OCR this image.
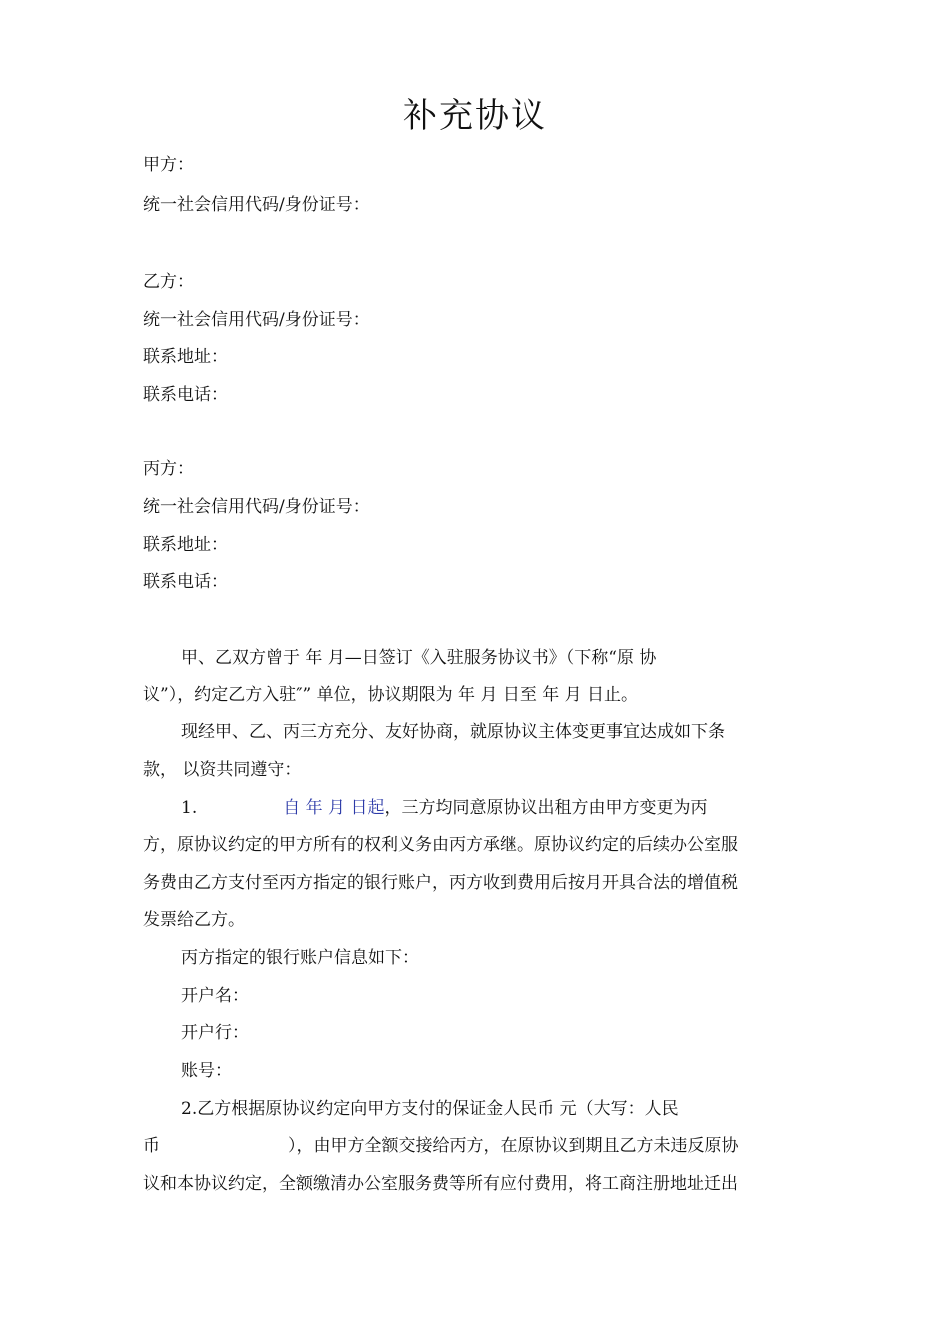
补充协议
甲方：
统一社会信用代码/身份证号：
乙方：
统一社会信用代码/身份证号：
联系地址：
联系电话：
丙方：
统一社会信用代码/身份证号：
联系地址：
联系电话：
甲、乙双方曾于 年 月—日签订《入驻服务协议书》（下称“原 协
议”），约定乙方入驻″” 单位，协议期限为 年 月 日至 年 月 日止。
现经甲、乙、丙三方充分、友好协商，就原协议主体变更事宜达成如下条
款， 以资共同遵守：
1.	自 年 月 日起，三方均同意原协议出租方由甲方变更为丙
方，原协议约定的甲方所有的权利义务由丙方承继。原协议约定的后续办公室服
务费由乙方支付至丙方指定的银行账户，丙方收到费用后按月开具合法的增值税
发票给乙方。
丙方指定的银行账户信息如下：
开户名：
开户行：
账号：
2.乙方根据原协议约定向甲方支付的保证金人民币 元（大写：人民
币	），由甲方全额交接给丙方，在原协议到期且乙方未违反原协
议和本协议约定，全额缴清办公室服务费等所有应付费用，将工商注册地址迁出
